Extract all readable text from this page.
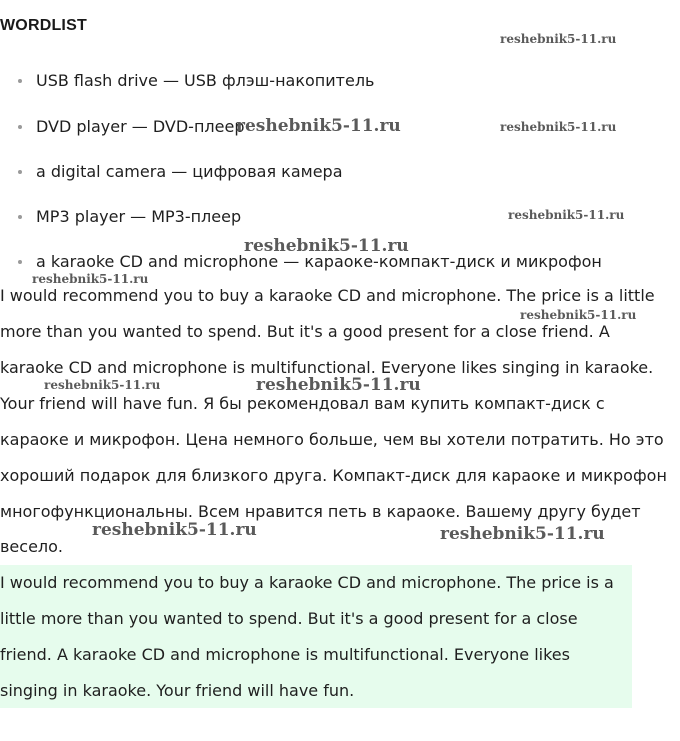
WORDLIST
USB flash drive — USB флэш-накопитель
DVD player — DVD-плеер
a digital camera — цифровая камера
MP3 player — MP3-плеер
a karaoke CD and microphone — караоке-компакт-диск и микрофон
I would recommend you to buy a karaoke CD and microphone. The price is a little
more than you wanted to spend. But it's a good present for a close friend. A
karaoke CD and microphone is multifunctional. Everyone likes singing in karaoke.
Your friend will have fun. Я бы рекомендовал вам купить компакт-диск с
караоке и микрофон. Цена немного больше, чем вы хотели потратить. Но это
хороший подарок для близкого друга. Компакт-диск для караоке и микрофон
многофункциональны. Всем нравится петь в караоке. Вашему другу будет
весело.
I would recommend you to buy a karaoke CD and microphone. The price is a
little more than you wanted to spend. But it's a good present for a close
friend. A karaoke CD and microphone is multifunctional. Everyone likes
singing in karaoke. Your friend will have fun.
reshebnik5-11.ru
reshebnik5-11.ru	reshebnik5-11.ru
reshebnik5-11.ru
reshebnik5-11.ru
reshebnik5-11.ru
reshebnik5-11.ru
reshebnik5-11.ru	reshebnik5-11.ru
reshebnik5-11.ru	reshebnik5-11.ru
